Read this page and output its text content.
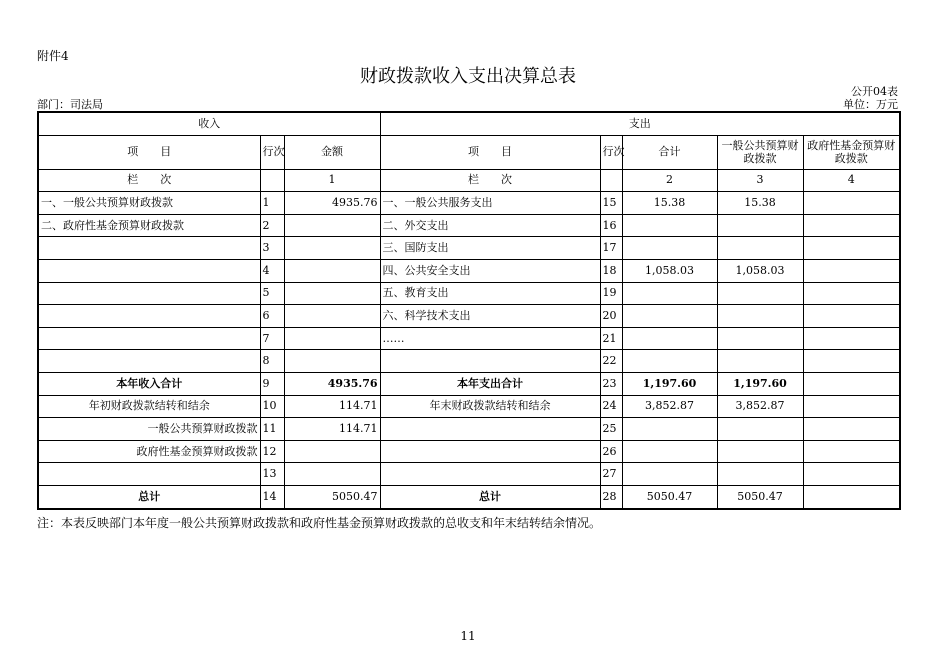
附件4
财政拨款收入支出决算总表
公开04表
部门：司法局	单位：万元
收入			支出				
项　　目	行次	金额	项　　目	行次	合计	一般公共预算财政拨款	政府性基金预算财政拨款
栏　　次		1	栏　　次		2	3	4
一、一般公共预算财政拨款	1	4935.76	一、一般公共服务支出	15	15.38	15.38	
二、政府性基金预算财政拨款	2		二、外交支出	16			
	3		三、国防支出	17			
	4		四、公共安全支出	18	1,058.03	1,058.03	
	5		五、教育支出	19			
	6		六、科学技术支出	20			
	7		……	21			
	8			22			
本年收入合计	9	4935.76	本年支出合计	23	1,197.60	1,197.60	
年初财政拨款结转和结余	10	114.71	年末财政拨款结转和结余	24	3,852.87	3,852.87	
一般公共预算财政拨款	11	114.71		25			
政府性基金预算财政拨款	12			26			
	13			27			
总计	14	5050.47	总计	28	5050.47	5050.47	
注：本表反映部门本年度一般公共预算财政拨款和政府性基金预算财政拨款的总收支和年末结转结余情况。
11
